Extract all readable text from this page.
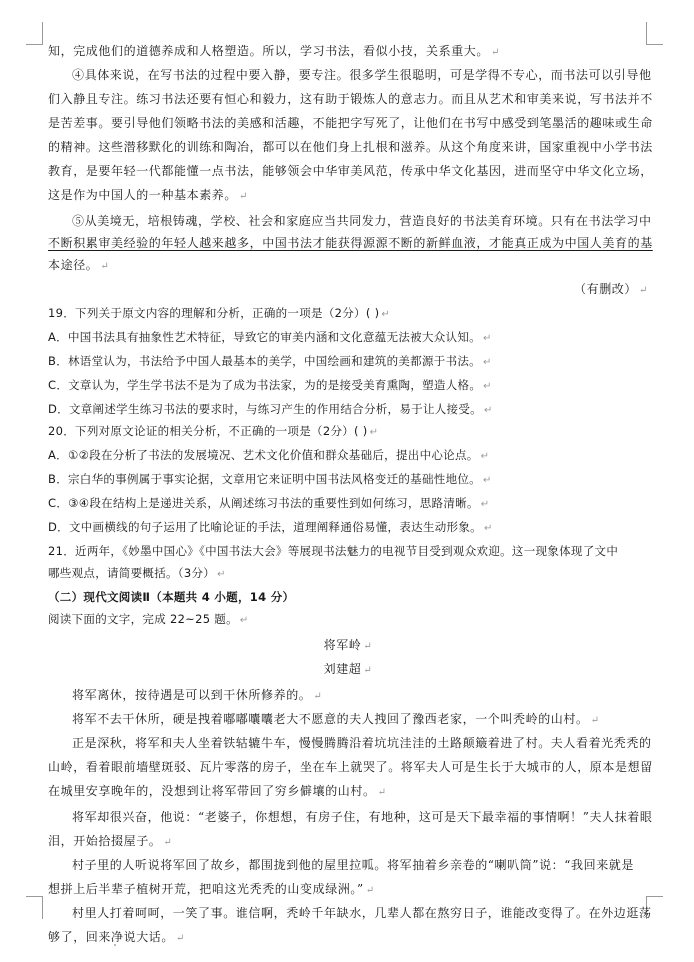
知，完成他们的道德养成和人格塑造。所以，学习书法，看似小技，关系重大。 ↵

④具体来说，在写书法的过程中要入静，要专注。很多学生很聪明，可是学得不专心，而书法可以引导他

们入静且专注。练习书法还要有恒心和毅力，这有助于锻炼人的意志力。而且从艺术和审美来说，写书法并不

是苦差事。要引导他们领略书法的美感和活趣，不能把字写死了，让他们在书写中感受到笔墨活的趣味或生命

的精神。这些潜移默化的训练和陶冶，都可以在他们身上扎根和滋养。从这个角度来讲，国家重视中小学书法

教育，是要年轻一代都能懂一点书法，能够领会中华审美风范，传承中华文化基因，进而坚守中华文化立场，

这是作为中国人的一种基本素养。 ↵

⑤从美境无，培根铸魂，学校、社会和家庭应当共同发力，营造良好的书法美育环境。只有在书法学习中

不断积累审美经验的年轻人越来越多，中国书法才能获得源源不断的新鲜血液，才能真正成为中国人美育的基

本途径。 ↵

（有删改） ↵

19．下列关于原文内容的理解和分析，正确的一项是（2分）( ) ↵

A．中国书法具有抽象性艺术特征，导致它的审美内涵和文化意蕴无法被大众认知。 ↵

B．林语堂认为，书法给予中国人最基本的美学，中国绘画和建筑的美都源于书法。 ↵

C．文章认为，学生学书法不是为了成为书法家，为的是接受美育熏陶，塑造人格。 ↵

D．文章阐述学生练习书法的要求时，与练习产生的作用结合分析，易于让人接受。 ↵

20．下列对原文论证的相关分析，不正确的一项是（2分）( ) ↵

A．①②段在分析了书法的发展境况、艺术文化价值和群众基础后，提出中心论点。 ↵

B．宗白华的事例属于事实论据，文章用它来证明中国书法风格变迁的基础性地位。 ↵

C．③④段在结构上是递进关系，从阐述练习书法的重要性到如何练习，思路清晰。 ↵

D．文中画横线的句子运用了比喻论证的手法，道理阐释通俗易懂，表达生动形象。 ↵

21．近两年，《妙墨中国心》《中国书法大会》等展现书法魅力的电视节目受到观众欢迎。这一现象体现了文中

哪些观点，请简要概括。（3分） ↵

（二）现代文阅读Ⅱ（本题共 4 小题，14 分）

阅读下面的文字，完成 22~25 题。 ↵

将军岭 ↵

刘建超 ↵

将军离休，按待遇是可以到干休所修养的。 ↵

将军不去干休所，硬是拽着嘟嘟囔囔老大不愿意的夫人拽回了豫西老家，一个叫秃岭的山村。 ↵

正是深秋，将军和夫人坐着铁轱辘牛车，慢慢腾腾沿着坑坑洼洼的土路颠簸着进了村。夫人看着光秃秃的

山岭，看着眼前墙壁斑驳、瓦片零落的房子，坐在车上就哭了。将军夫人可是生长于大城市的人，原本是想留

在城里安享晚年的，没想到让将军带回了穷乡僻壤的山村。 ↵

将军却很兴奋，他说：“老婆子，你想想，有房子住，有地种，这可是天下最幸福的事情啊！”夫人抹着眼

泪，开始拾掇屋子。 ↵

村子里的人听说将军回了故乡，都围拢到他的屋里拉呱。将军抽着乡亲卷的“喇叭筒”说：“我回来就是

想拼上后半辈子植树开荒，把咱这光秃秃的山变成绿洲。” ↵

村里人打着呵呵，一笑了事。谁信啊，秃岭千年缺水，几辈人都在熬穷日子，谁能改变得了。在外边逛荡

够了，回来净说大话。 ↵
